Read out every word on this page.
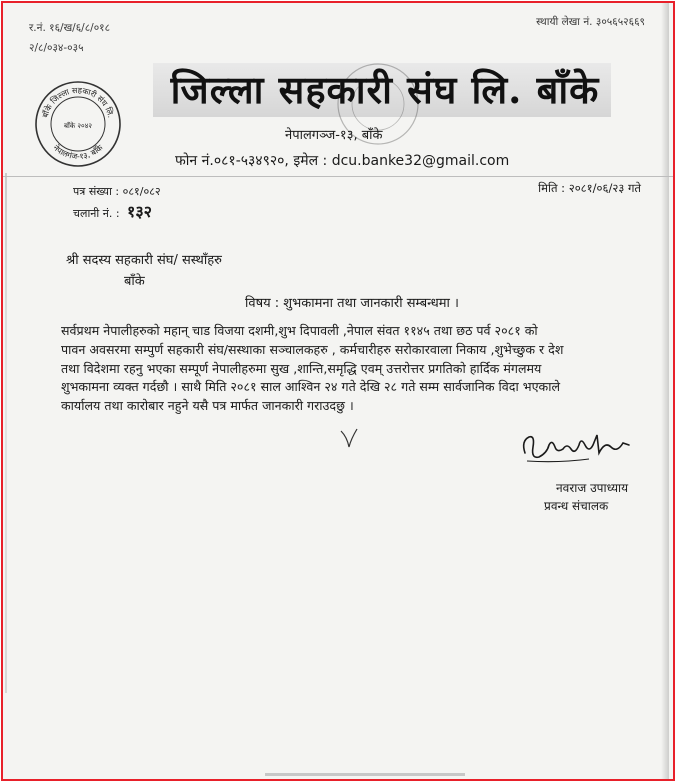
र.नं. १६/ख/६/८/०१८
२/८/०३४-०३५
स्थायी लेखा नं. ३०५६५२६६९
बाँके जिल्ला सहकारी संघ लि.
नेपालगंज-१३, बाँके
बाँके २०४२
जिल्ला सहकारी संघ लि. बाँके
नेपालगञ्ज-१३, बाँके
फोन नं.०८१-५३४९२०, इमेल : dcu.banke32@gmail.com
पत्र संख्या : ०८१/०८२
चलानी नं. : १३२
मिति : २०८१/०६/२३ गते
श्री सदस्य सहकारी संघ/ सस्थाँहरु
बाँके
विषय : शुभकामना तथा जानकारी सम्बन्धमा ।
सर्वप्रथम नेपालीहरुको महान् चाड विजया दशमी,शुभ दिपावली ,नेपाल संवत ११४५ तथा छठ पर्व २०८१ को
पावन अवसरमा सम्पुर्ण सहकारी संघ/सस्थाका सञ्चालकहरु , कर्मचारीहरु सरोकारवाला निकाय ,शुभेच्छुक र देश
तथा विदेशमा रहनु भएका सम्पूर्ण नेपालीहरुमा सुख ,शान्ति,समृद्धि एवम् उत्तरोत्तर प्रगतिको हार्दिक मंगलमय
शुभकामना व्यक्त गर्दछौ । साथै मिति २०८१ साल आश्विन २४ गते देखि २८ गते सम्म सार्वजानिक विदा भएकाले
कार्यालय तथा कारोबार नहुने यसै पत्र मार्फत जानकारी गराउदछु ।
नवराज उपाध्याय
प्रवन्ध संचालक
